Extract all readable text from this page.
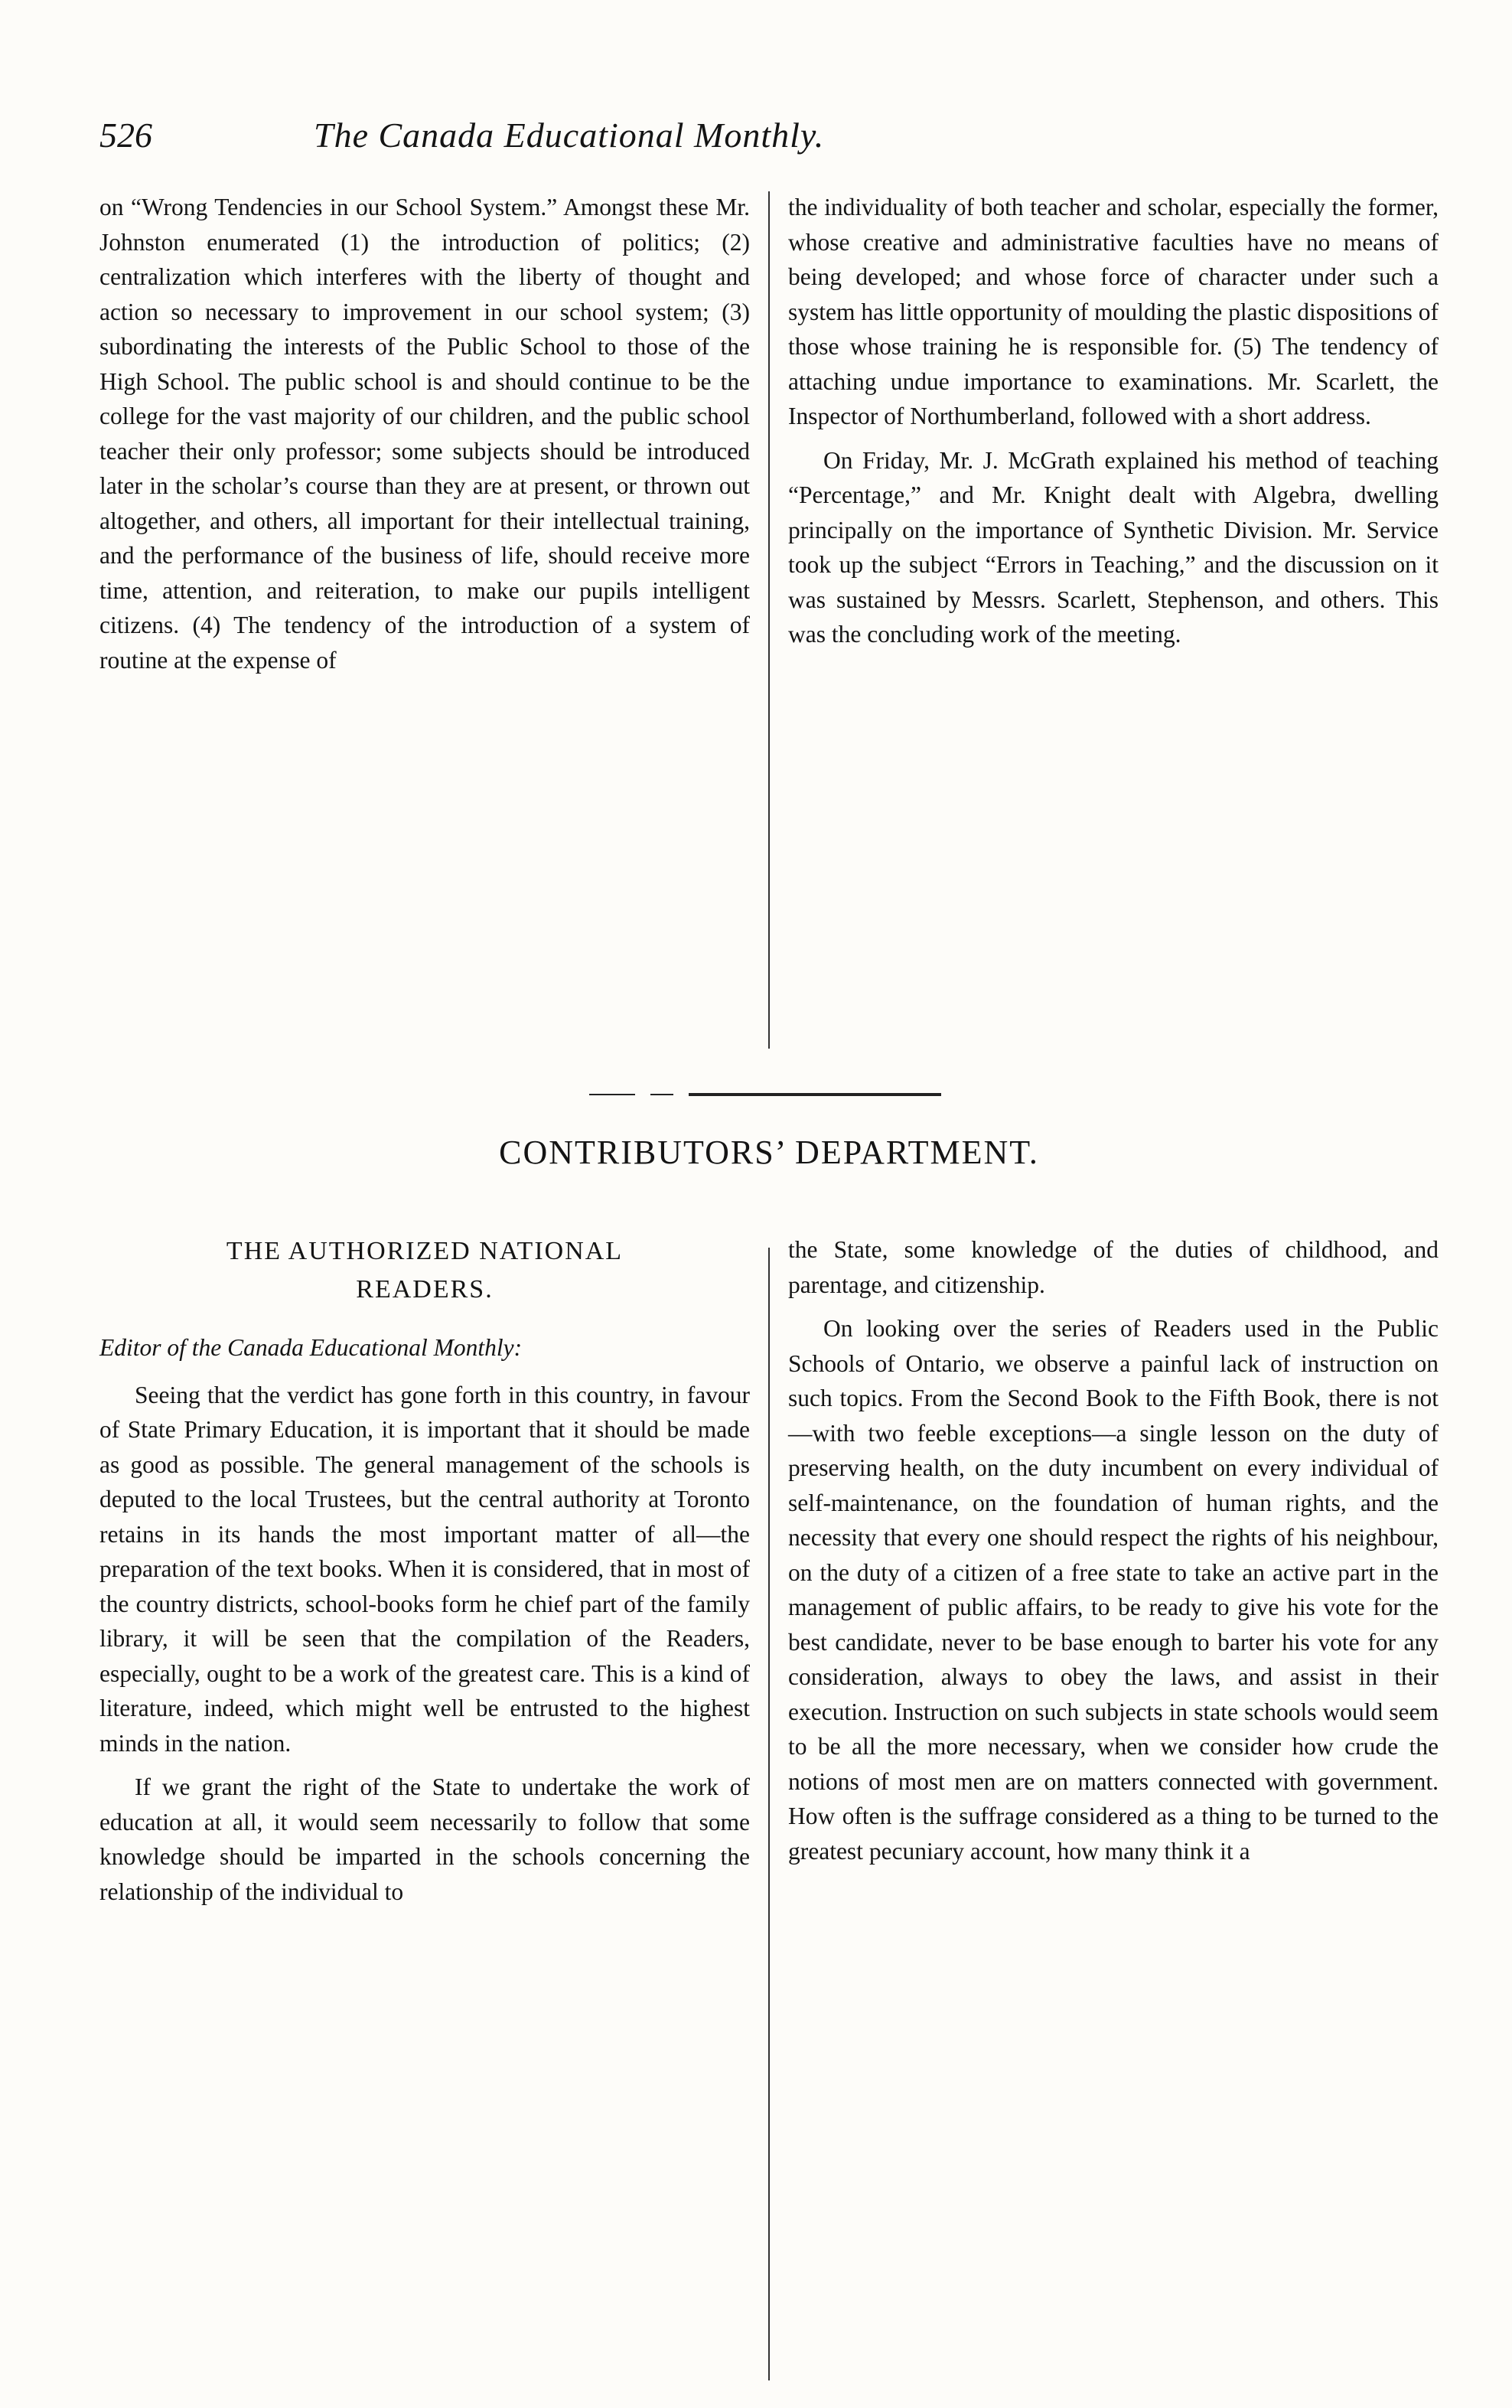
526	The Canada Educational Monthly.

on “Wrong Tendencies in our School System.” Amongst these Mr. Johnston enumerated (1) the introduction of politics; (2) centralization which interferes with the liberty of thought and action so necessary to improvement in our school system; (3) subordinating the interests of the Public School to those of the High School. The public school is and should continue to be the college for the vast majority of our children, and the public school teacher their only professor; some subjects should be introduced later in the scholar’s course than they are at present, or thrown out altogether, and others, all important for their intellectual training, and the performance of the business of life, should receive more time, attention, and reiteration, to make our pupils intelligent citizens. (4) The tendency of the introduction of a system of routine at the expense of

the individuality of both teacher and scholar, especially the former, whose creative and administrative faculties have no means of being developed; and whose force of character under such a system has little opportunity of moulding the plastic dispositions of those whose training he is responsible for. (5) The tendency of attaching undue importance to examinations. Mr. Scarlett, the Inspector of Northumberland, followed with a short address.

On Friday, Mr. J. McGrath explained his method of teaching “Percentage,” and Mr. Knight dealt with Algebra, dwelling principally on the importance of Synthetic Division. Mr. Service took up the subject “Errors in Teaching,” and the discussion on it was sustained by Messrs. Scarlett, Stephenson, and others. This was the concluding work of the meeting.

CONTRIBUTORS’ DEPARTMENT.
THE AUTHORIZED NATIONAL
READERS.

Editor of the Canada Educational Monthly:

Seeing that the verdict has gone forth in this country, in favour of State Primary Education, it is important that it should be made as good as possible. The general management of the schools is deputed to the local Trustees, but the central authority at Toronto retains in its hands the most important matter of all—the preparation of the text books. When it is considered, that in most of the country districts, school-books form he chief part of the family library, it will be seen that the compilation of the Readers, especially, ought to be a work of the greatest care. This is a kind of literature, indeed, which might well be entrusted to the highest minds in the nation.

If we grant the right of the State to undertake the work of education at all, it would seem necessarily to follow that some knowledge should be imparted in the schools concerning the relationship of the individual to

the State, some knowledge of the duties of childhood, and parentage, and citizenship.

On looking over the series of Readers used in the Public Schools of Ontario, we observe a painful lack of instruction on such topics. From the Second Book to the Fifth Book, there is not—with two feeble exceptions—a single lesson on the duty of preserving health, on the duty incumbent on every individual of self-maintenance, on the foundation of human rights, and the necessity that every one should respect the rights of his neighbour, on the duty of a citizen of a free state to take an active part in the management of public affairs, to be ready to give his vote for the best candidate, never to be base enough to barter his vote for any consideration, always to obey the laws, and assist in their execution. Instruction on such subjects in state schools would seem to be all the more necessary, when we consider how crude the notions of most men are on matters connected with government. How often is the suffrage considered as a thing to be turned to the greatest pecuniary account, how many think it a
